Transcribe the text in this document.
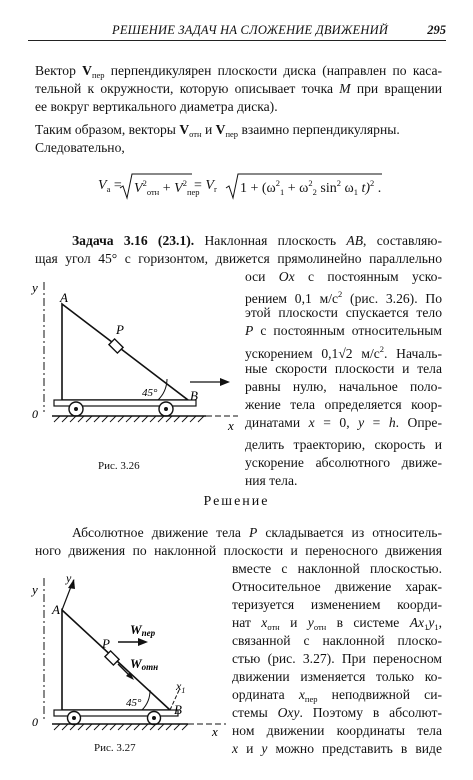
РЕШЕНИЕ ЗАДАЧ НА СЛОЖЕНИЕ ДВИЖЕНИЙ	295
Вектор $V_{пер}$ перпендикулярен плоскости диска (направлен по каса-
тельной к окружности, которую описывает точка M при вращении
ее вокруг вертикального диаметра диска).
Таким образом, векторы $V_{отн}$ и $V_{пер}$ взаимно перпендикулярны.
Следовательно,
$V_a = V^2_{отн} + V^2_{пер}$
= $V_r$ $1 + (\omega^2_1 + \omega^2_2$ $\sin^2 \omega_1$ t)$^2$ .
Задача 3.16 (23.1). Наклонная плоскость AB, составляю-
щая угол 45° с горизонтом, движется прямолинейно параллельно
оси Ox с постоянным уско-
рением 0,1 $м/с^2$ (рис. 3.26). По
этой плоскости спускается тело
P с постоянным относительным
ускорением 0,1√2 $м/с^2$. Началь-
ные скорости плоскости и тела
равны нулю, начальное поло-
жение тела определяется коор-
динатами x = 0, y = h. Опре-
делить траекторию, скорость и
ускорение абсолютного движе-
ния тела.
y
A
P
45°
x
0
B
Рис. 3.26
Решение
Абсолютное движение тела P складывается из относитель-
ного движения по наклонной плоскости и переносного движения
вместе с наклонной плоскостью.
Относительное движение харак-
теризуется изменением коорди-
нат $x_{отн}$ и $y_{отн}$ в системе $Ax_1y_1$,
связанной с наклонной плоско-
стью (рис. 3.27). При переносном
движении изменяется только ко-
ордината $x_{пер}$ неподвижной си-
стемы Oxy. Поэтому в абсолют-
ном движении координаты тела
x и y можно представить в виде
y
$y_1$
A
$x_1$
P
Wпер
Wотн
45°
x
0
B
Рис. 3.27
